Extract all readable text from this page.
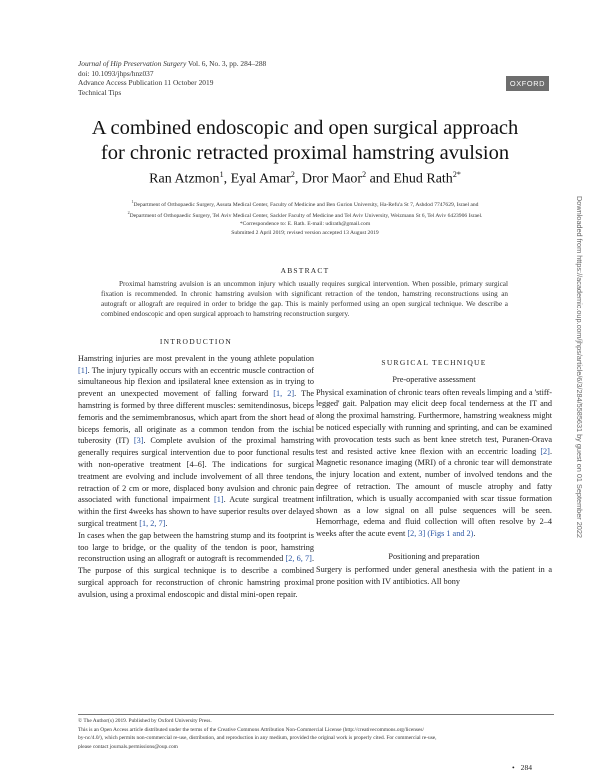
Journal of Hip Preservation Surgery Vol. 6, No. 3, pp. 284–288
doi: 10.1093/jhps/hnz037
Advance Access Publication 11 October 2019
Technical Tips
OXFORD
A combined endoscopic and open surgical approach
for chronic retracted proximal hamstring avulsion
Ran Atzmon$^1$, Eyal Amar$^2$, Dror Maor$^2$ and Ehud Rath$^{2*}$
$^1$Department of Orthopaedic Surgery, Assuta Medical Center, Faculty of Medicine and Ben Gurion University, Ha-Refu'a St 7, Ashdod 7747629, Israel and
$^2$Department of Orthopaedic Surgery, Tel Aviv Medical Center, Sackler Faculty of Medicine and Tel Aviv University, Weizmann St 6, Tel Aviv 6423906 Israel.
*Correspondence to: E. Rath. E-mail: udirath@gmail.com
Submitted 2 April 2019; revised version accepted 13 August 2019
ABSTRACT
Proximal hamstring avulsion is an uncommon injury which usually requires surgical intervention. When possible, primary surgical fixation is recommended. In chronic hamstring avulsion with significant retraction of the tendon, hamstring reconstructions using an autograft or allograft are required in order to bridge the gap. This is mainly performed using an open surgical technique. We describe a combined endoscopic and open surgical approach to hamstring reconstruction surgery.
INTRODUCTION

Hamstring injuries are most prevalent in the young athlete population [1]. The injury typically occurs with an eccentric muscle contraction of simultaneous hip flexion and ipsilateral knee extension as in trying to prevent an unexpected movement of falling forward [1, 2]. The hamstring is formed by three different muscles: semitendinosus, biceps femoris and the semimembranosus, which apart from the short head of biceps femoris, all originate as a common tendon from the ischial tuberosity (IT) [3]. Complete avulsion of the proximal hamstring generally requires surgical intervention due to poor functional results with non-operative treatment [4–6]. The indications for surgical treatment are evolving and include involvement of all three tendons, retraction of 2 cm or more, displaced bony avulsion and chronic pain associated with functional impairment [1]. Acute surgical treatment within the first 4weeks has shown to have superior results over delayed surgical treatment [1, 2, 7].

In cases when the gap between the hamstring stump and its footprint is too large to bridge, or the quality of the tendon is poor, hamstring reconstruction using an allograft or autograft is recommended [2, 6, 7]. The purpose of this surgical technique is to describe a combined surgical approach for reconstruction of chronic hamstring proximal avulsion, using a proximal endoscopic and distal mini-open repair.

SURGICAL TECHNIQUE
Pre-operative assessment

Physical examination of chronic tears often reveals limping and a 'stiff-legged' gait. Palpation may elicit deep focal tenderness at the IT and along the proximal hamstring. Furthermore, hamstring weakness might be noticed especially with running and sprinting, and can be examined with provocation tests such as bent knee stretch test, Puranen-Orava test and resisted active knee flexion with an eccentric loading [2]. Magnetic resonance imaging (MRI) of a chronic tear will demonstrate the injury location and extent, number of involved tendons and the degree of retraction. The amount of muscle atrophy and fatty infiltration, which is usually accompanied with scar tissue formation shown as a low signal on all pulse sequences will be seen. Hemorrhage, edema and fluid collection will often resolve by 2–4 weeks after the acute event [2, 3] (Figs 1 and 2).

Positioning and preparation

Surgery is performed under general anesthesia with the patient in a prone position with IV antibiotics. All bony

© The Author(s) 2019. Published by Oxford University Press.
This is an Open Access article distributed under the terms of the Creative Commons Attribution Non-Commercial License (http://creativecommons.org/licenses/
by-nc/4.0/), which permits non-commercial re-use, distribution, and reproduction in any medium, provided the original work is properly cited. For commercial re-use,
please contact journals.permissions@oup.com
• 284
Downloaded from https://academic.oup.com/jhps/article/6/3/284/5585631 by guest on 01 September 2022
